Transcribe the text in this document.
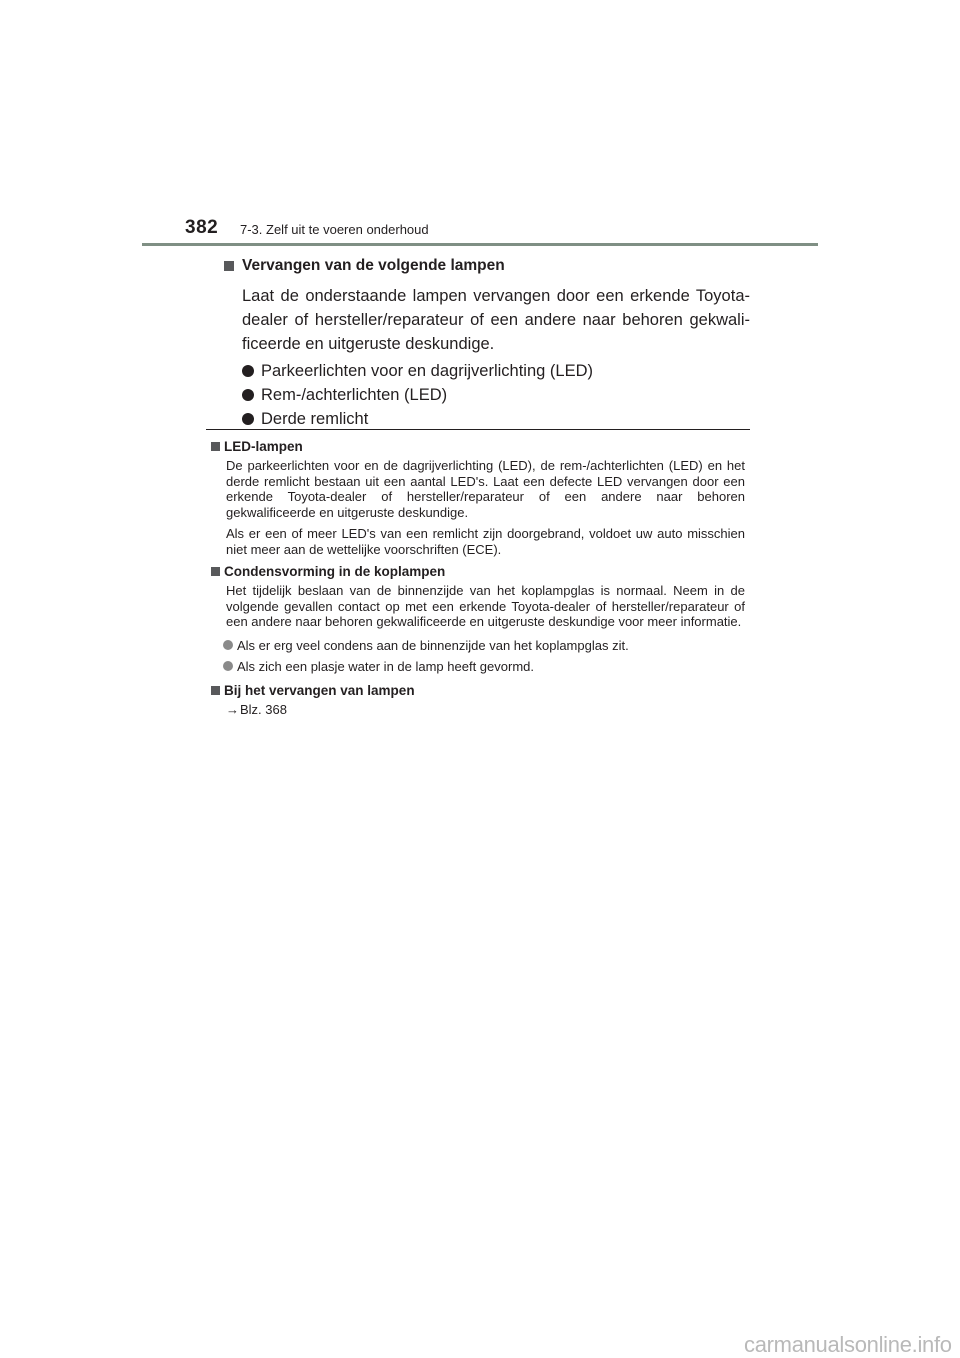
382 7-3. Zelf uit te voeren onderhoud
Vervangen van de volgende lampen

Laat de onderstaande lampen vervangen door een erkende Toyota-dealer of hersteller/reparateur of een andere naar behoren gekwalificeerde en uitgeruste deskundige.

Parkeerlichten voor en dagrijverlichting (LED)
Rem-/achterlichten (LED)
Derde remlicht
LED-lampen

De parkeerlichten voor en de dagrijverlichting (LED), de rem-/achterlichten (LED) en het derde remlicht bestaan uit een aantal LED's. Laat een defecte LED vervangen door een erkende Toyota-dealer of hersteller/reparateur of een andere naar behoren gekwalificeerde en uitgeruste deskundige.

Als er een of meer LED's van een remlicht zijn doorgebrand, voldoet uw auto misschien niet meer aan de wettelijke voorschriften (ECE).

Condensvorming in de koplampen

Het tijdelijk beslaan van de binnenzijde van het koplampglas is normaal. Neem in de volgende gevallen contact op met een erkende Toyota-dealer of hersteller/reparateur of een andere naar behoren gekwalificeerde en uitgeruste deskundige voor meer informatie.

Als er erg veel condens aan de binnenzijde van het koplampglas zit.
Als zich een plasje water in de lamp heeft gevormd.
Bij het vervangen van lampen
→Blz. 368
carmanualsonline.info
